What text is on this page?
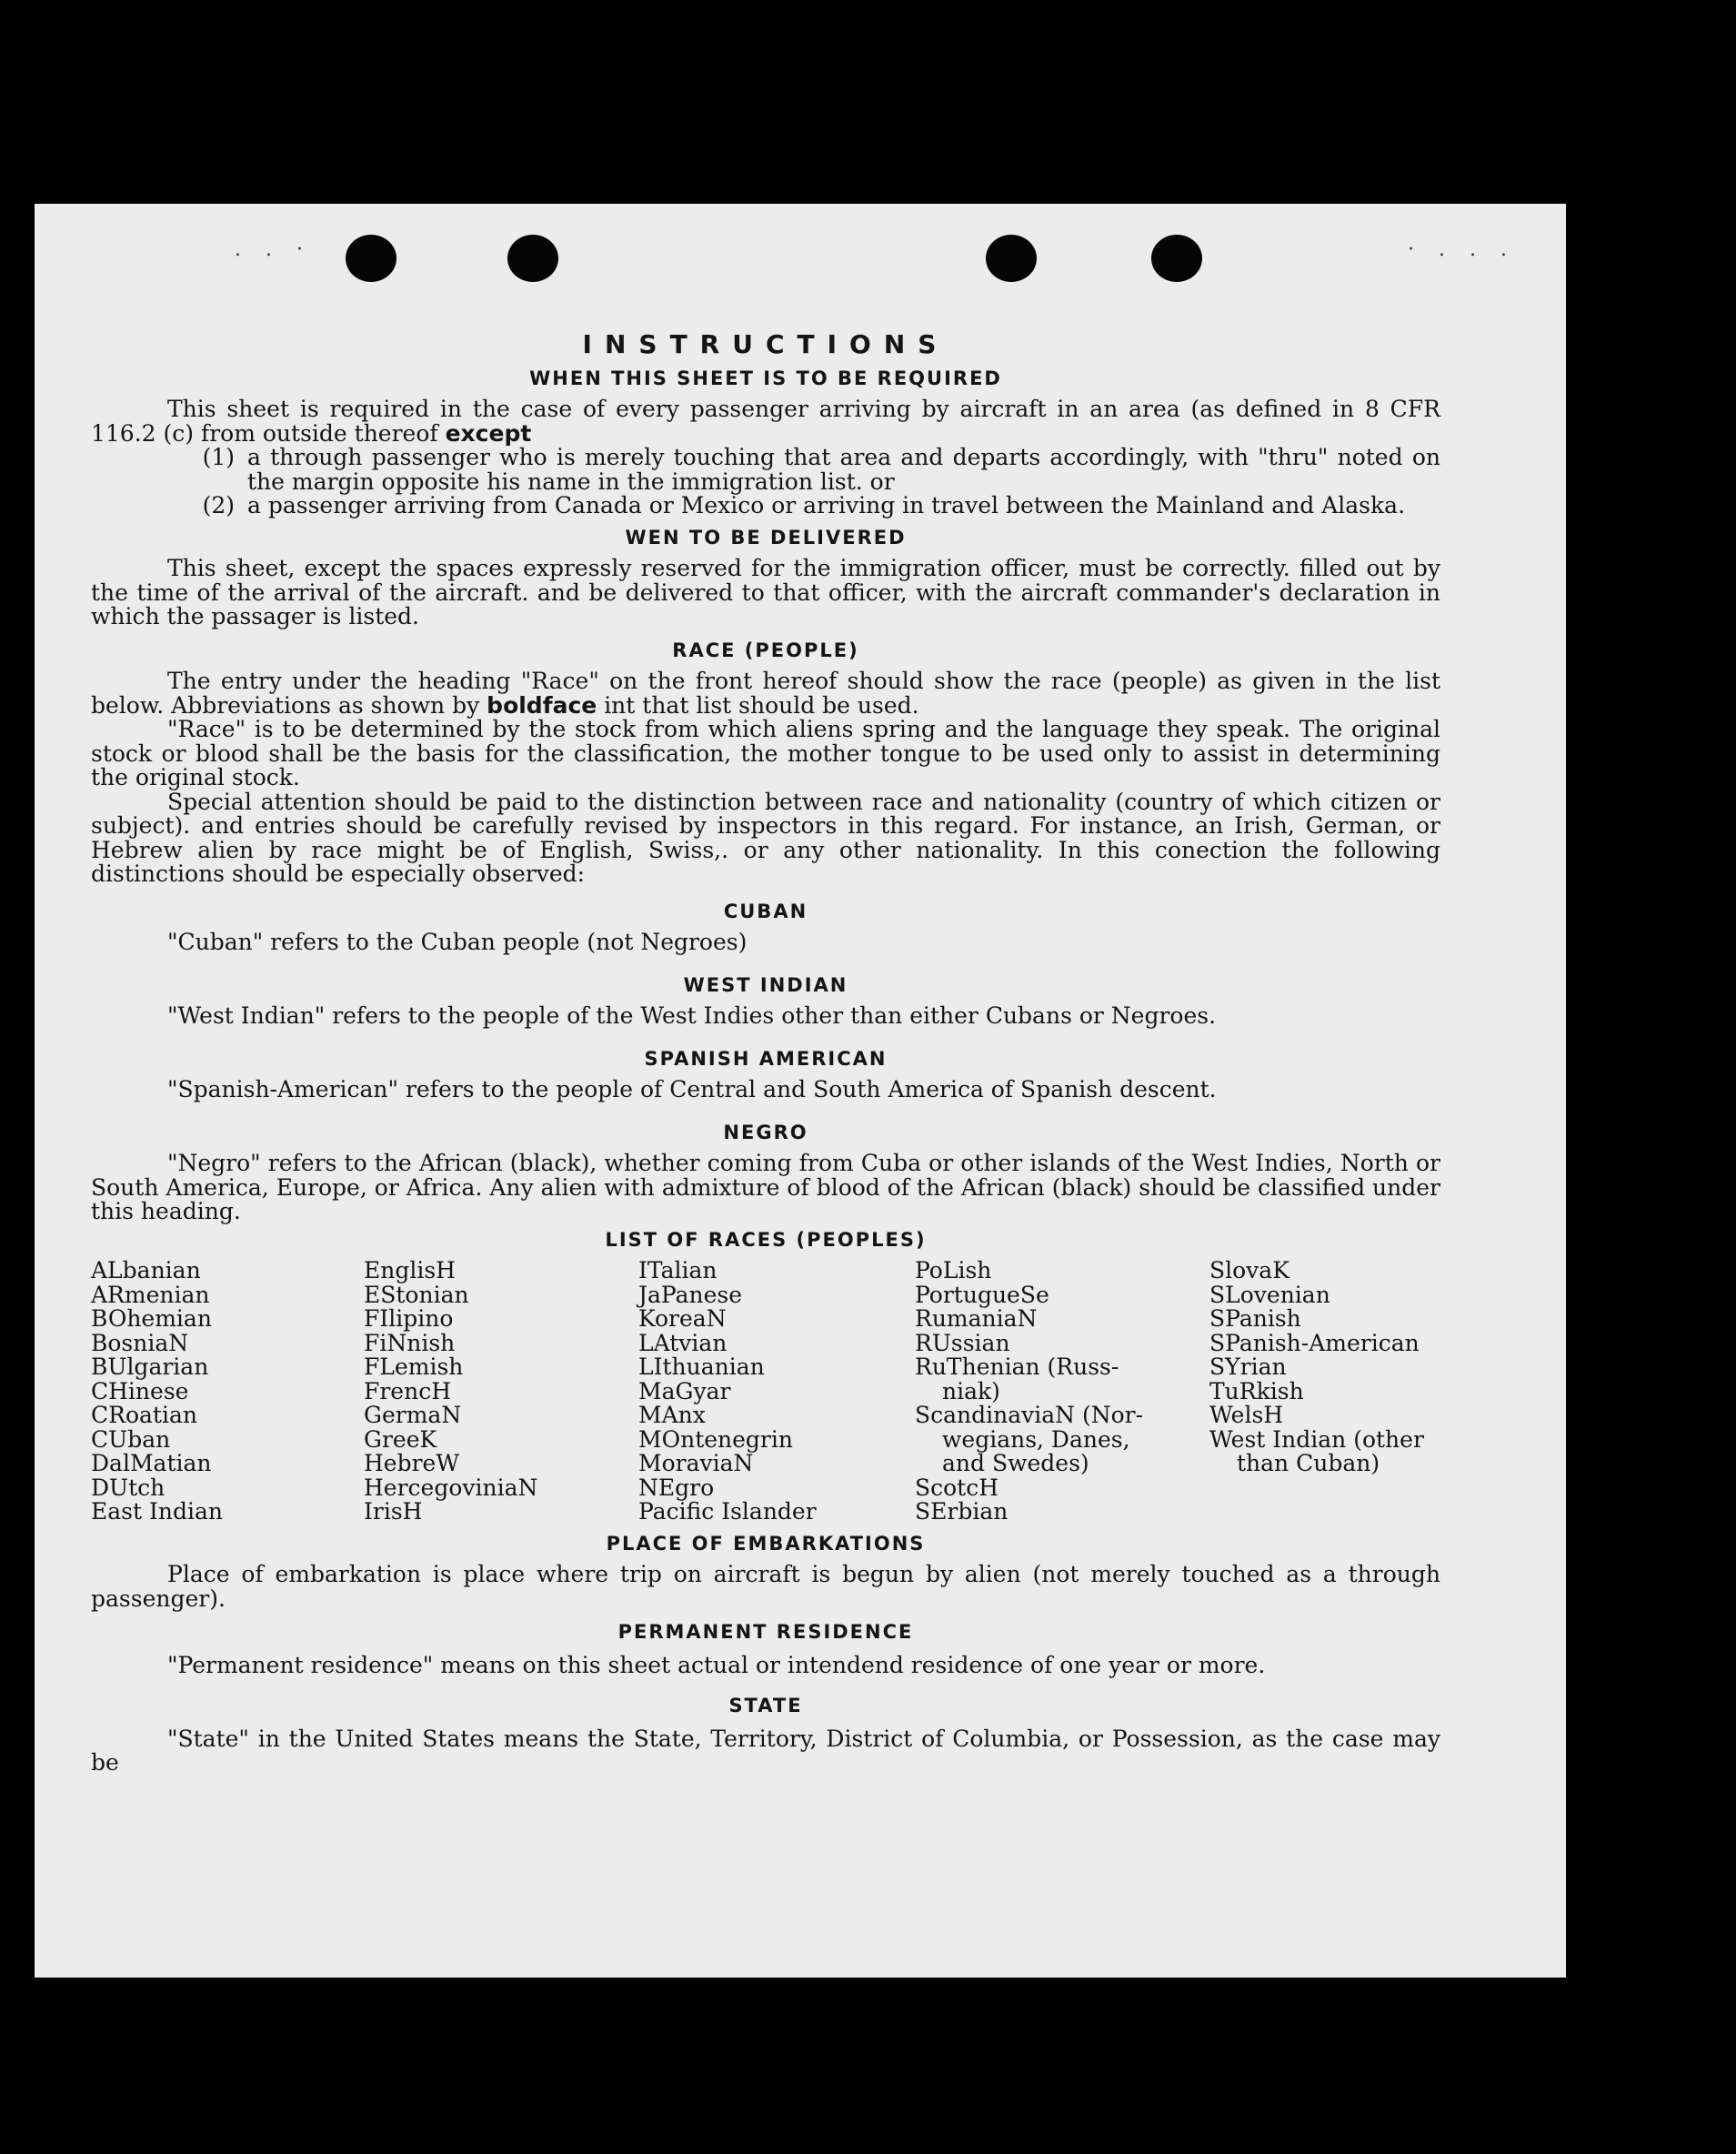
. . ·	· . . .
INSTRUCTIONS
WHEN THIS SHEET IS TO BE REQUIRED

This sheet is required in the case of every passenger arriving by aircraft in an area (as defined in 8 CFR 116.2 (c) from outside thereof except

(1) a through passenger who is merely touching that area and departs accordingly, with "thru" noted on the margin opposite his name in the immigration list. or
(2) a passenger arriving from Canada or Mexico or arriving in travel between the Mainland and Alaska.
WEN TO BE DELIVERED

This sheet, except the spaces expressly reserved for the immigration officer, must be correctly. filled out by the time of the arrival of the aircraft. and be delivered to that officer, with the aircraft commander's declaration in which the passager is listed.

RACE (PEOPLE)

The entry under the heading "Race" on the front hereof should show the race (people) as given in the list below. Abbreviations as shown by boldface int that list should be used.

"Race" is to be determined by the stock from which aliens spring and the language they speak. The original stock or blood shall be the basis for the classification, the mother tongue to be used only to assist in determining the original stock.

Special attention should be paid to the distinction between race and nationality (country of which citizen or subject). and entries should be carefully revised by inspectors in this regard. For instance, an Irish, German, or Hebrew alien by race might be of English, Swiss,. or any other nationality. In this conection the following distinctions should be especially observed:

CUBAN

"Cuban" refers to the Cuban people (not Negroes)

WEST INDIAN

"West Indian" refers to the people of the West Indies other than either Cubans or Negroes.

SPANISH AMERICAN

"Spanish-American" refers to the people of Central and South America of Spanish descent.

NEGRO

"Negro" refers to the African (black), whether coming from Cuba or other islands of the West Indies, North or South America, Europe, or Africa. Any alien with admixture of blood of the African (black) should be classified under this heading.

LIST OF RACES (PEOPLES)
ALbanian
ARmenian
BOhemian
BosniaN
BUlgarian
CHinese
CRoatian
CUban
DalMatian
DUtch
East Indian
EnglisH
EStonian
FIlipino
FiNnish
FLemish
FrencH
GermaN
GreeK
HebreW
HercegoviniaN
IrisH
ITalian
JaPanese
KoreaN
LAtvian
LIthuanian
MaGyar
MAnx
MOntenegrin
MoraviaN
NEgro
Pacific Islander
PoLish
PortugueSe
RumaniaN
RUssian
RuThenian (Russ-
niak)
ScandinaviaN (Nor-
wegians, Danes,
and Swedes)
ScotcH
SErbian
SlovaK
SLovenian
SPanish
SPanish-American
SYrian
TuRkish
WelsH
West Indian (other
than Cuban)
PLACE OF EMBARKATIONS

Place of embarkation is place where trip on aircraft is begun by alien (not merely touched as a through passenger).

PERMANENT RESIDENCE

"Permanent residence" means on this sheet actual or intendend residence of one year or more.

STATE

"State" in the United States means the State, Territory, District of Columbia, or Possession, as the case may be
